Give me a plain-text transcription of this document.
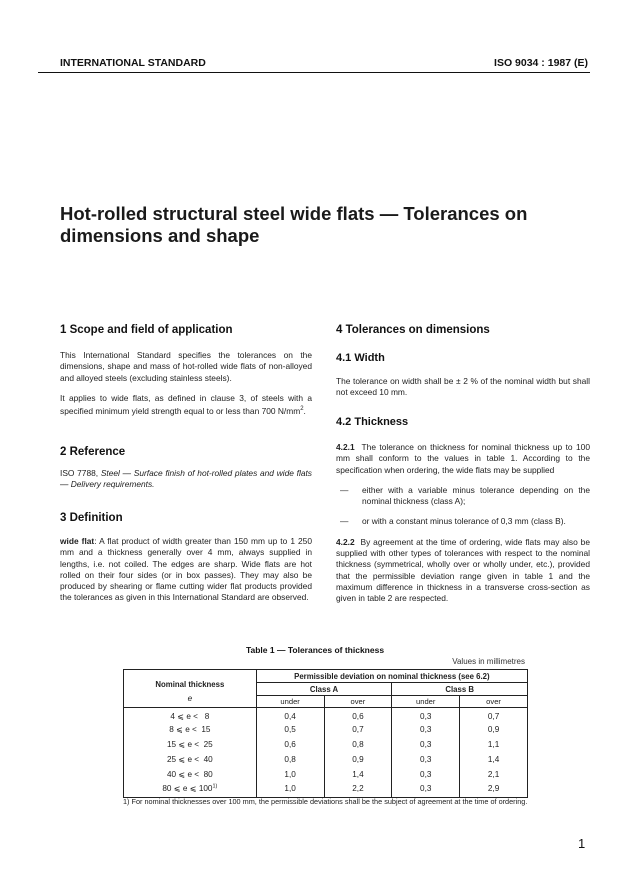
INTERNATIONAL STANDARD	ISO 9034 : 1987 (E)
Hot-rolled structural steel wide flats — Tolerances on dimensions and shape
1 Scope and field of application
This International Standard specifies the tolerances on the dimensions, shape and mass of hot-rolled wide flats of non-alloyed and alloyed steels (excluding stainless steels).
It applies to wide flats, as defined in clause 3, of steels with a specified minimum yield strength equal to or less than 700 $N/mm^2$.
2 Reference
ISO 7788, Steel — Surface finish of hot-rolled plates and wide flats — Delivery requirements.
3 Definition
wide flat: A flat product of width greater than 150 mm up to 1 250 mm and a thickness generally over 4 mm, always supplied in lengths, i.e. not coiled. The edges are sharp. Wide flats are hot rolled on their four sides (or in box passes). They may also be produced by shearing or flame cutting wider flat products provided the tolerances as given in this International Standard are observed.
4 Tolerances on dimensions
4.1 Width
The tolerance on width shall be ± 2 % of the nominal width but shall not exceed 10 mm.
4.2 Thickness
4.2.1 The tolerance on thickness for nominal thickness up to 100 mm shall conform to the values in table 1. According to the specification when ordering, the wide flats may be supplied
—	either with a variable minus tolerance depending on the nominal thickness (class A);
—	or with a constant minus tolerance of 0,3 mm (class B).
4.2.2 By agreement at the time of ordering, wide flats may also be supplied with other types of tolerances with respect to the nominal thickness (symmetrical, wholly over or wholly under, etc.), provided that the permissible deviation range given in table 1 and the maximum difference in thickness in a transverse cross-section as given in table 2 are respected.
Table 1 — Tolerances of thickness
Values in millimetres
Nominal thickness
e	Permissible deviation on nominal thickness (see 6.2)			
	Class A		Class B	
	under	over	under	over
4 ⩽ e <   8	0,4	0,6	0,3	0,7
8 ⩽ e <  15	0,5	0,7	0,3	0,9
15 ⩽ e <  25	0,6	0,8	0,3	1,1
25 ⩽ e <  40	0,8	0,9	0,3	1,4
40 ⩽ e <  80	1,0	1,4	0,3	2,1
80 ⩽ e ⩽ 100$^{1)}$	1,0	2,2	0,3	2,9
1) For nominal thicknesses over 100 mm, the permissible deviations shall be the subject of agreement at the time of ordering.
1
